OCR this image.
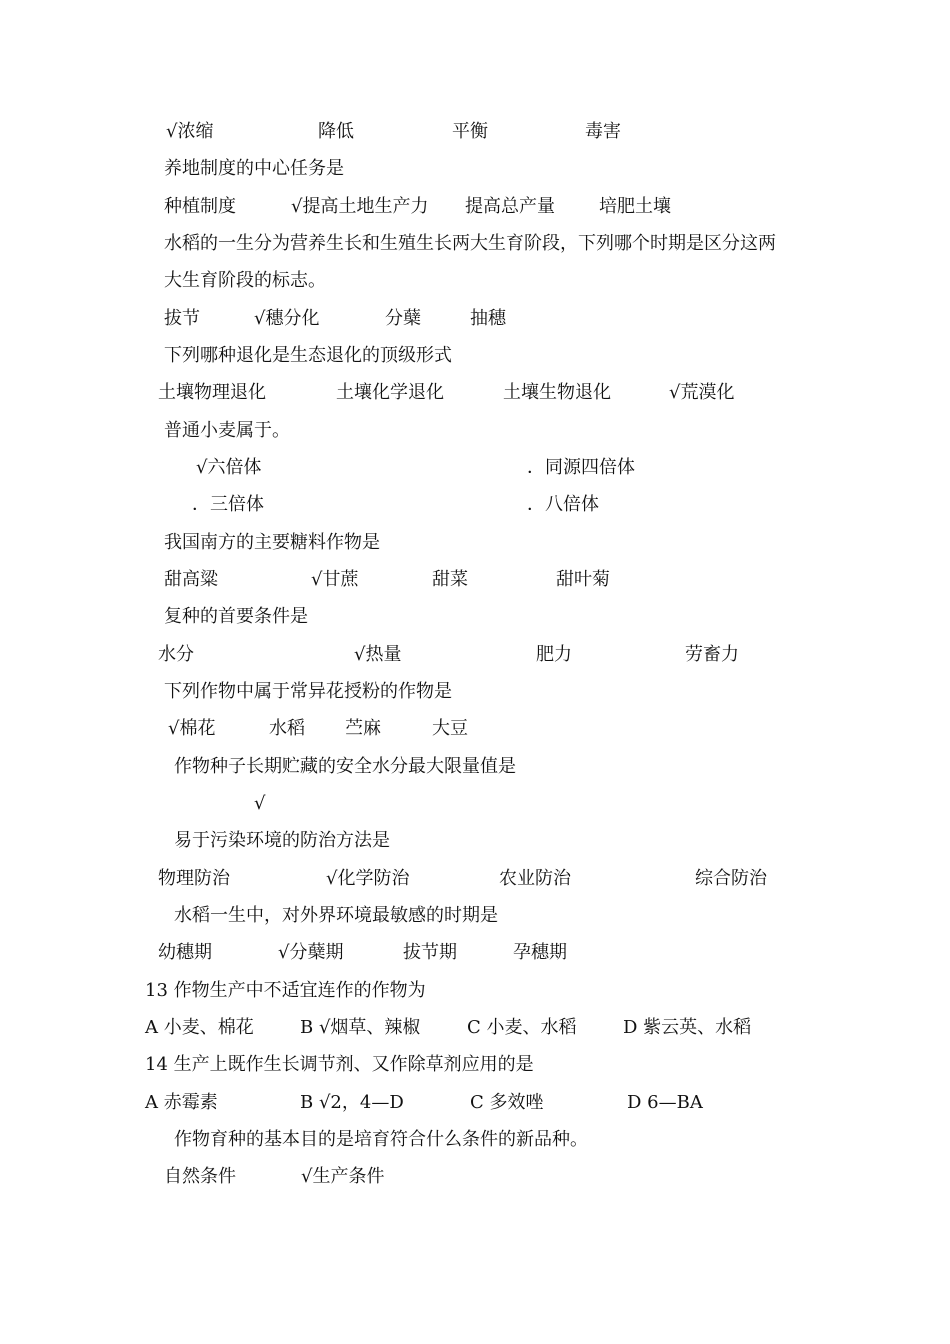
√浓缩	降低	平衡	毒害
养地制度的中心任务是
种植制度	√提高土地生产力 提高总产量 培肥土壤
水稻的一生分为营养生长和生殖生长两大生育阶段，下列哪个时期是区分这两
大生育阶段的标志。
拔节	√穗分化	分蘖	抽穗
下列哪种退化是生态退化的顶级形式
土壤物理退化	土壤化学退化	土壤生物退化	√荒漠化
普通小麦属于。
√六倍体	．同源四倍体
．三倍体	．八倍体
我国南方的主要糖料作物是
甜高粱	√甘蔗	甜菜	甜叶菊
复种的首要条件是
水分	√热量	肥力	劳畜力
下列作物中属于常异花授粉的作物是
√棉花	水稻 苎麻	大豆
作物种子长期贮藏的安全水分最大限量值是
√
易于污染环境的防治方法是
物理防治	√化学防治	农业防治	综合防治
水稻一生中，对外界环境最敏感的时期是
幼穗期	√分蘖期	拔节期	孕穗期
13 作物生产中不适宜连作的作物为
A 小麦、棉花	B √烟草、辣椒	C 小麦、水稻	D 紫云英、水稻
14 生产上既作生长调节剂、又作除草剂应用的是
A 赤霉素	B √2，4—D	C 多效唑	D 6—BA
作物育种的基本目的是培育符合什么条件的新品种。
自然条件	√生产条件
